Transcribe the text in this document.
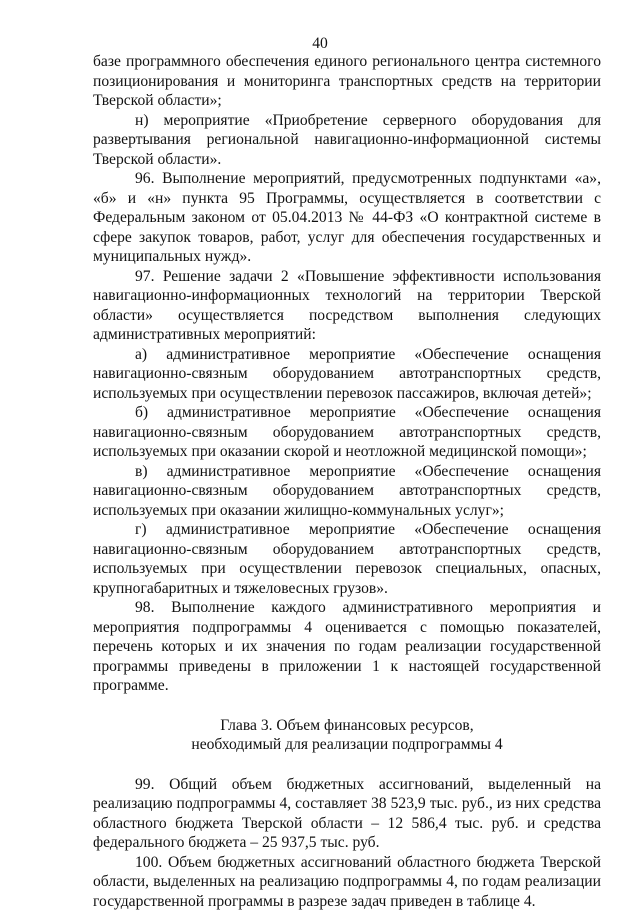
40

базе программного обеспечения единого регионального центра системного позиционирования и мониторинга транспортных средств на территории Тверской области»;

н) мероприятие «Приобретение серверного оборудования для развертывания региональной навигационно-информационной системы Тверской области».

96. Выполнение мероприятий, предусмотренных подпунктами «а», «б» и «н» пункта 95 Программы, осуществляется в соответствии с Федеральным законом от 05.04.2013 № 44-ФЗ «О контрактной системе в сфере закупок товаров, работ, услуг для обеспечения государственных и муниципальных нужд».

97. Решение задачи 2 «Повышение эффективности использования навигационно-информационных технологий на территории Тверской области» осуществляется посредством выполнения следующих административных мероприятий:

а) административное мероприятие «Обеспечение оснащения навигационно-связным оборудованием автотранспортных средств, используемых при осуществлении перевозок пассажиров, включая детей»;

б) административное мероприятие «Обеспечение оснащения навигационно-связным оборудованием автотранспортных средств, используемых при оказании скорой и неотложной медицинской помощи»;

в) административное мероприятие «Обеспечение оснащения навигационно-связным оборудованием автотранспортных средств, используемых при оказании жилищно-коммунальных услуг»;

г) административное мероприятие «Обеспечение оснащения навигационно-связным оборудованием автотранспортных средств, используемых при осуществлении перевозок специальных, опасных, крупногабаритных и тяжеловесных грузов».

98. Выполнение каждого административного мероприятия и мероприятия подпрограммы 4 оценивается с помощью показателей, перечень которых и их значения по годам реализации государственной программы приведены в приложении 1 к настоящей государственной программе.

Глава 3. Объем финансовых ресурсов,
необходимый для реализации подпрограммы 4

99. Общий объем бюджетных ассигнований, выделенный на реализацию подпрограммы 4, составляет 38 523,9 тыс. руб., из них средства областного бюджета Тверской области – 12 586,4 тыс. руб. и средства федерального бюджета – 25 937,5 тыс. руб.

100. Объем бюджетных ассигнований областного бюджета Тверской области, выделенных на реализацию подпрограммы 4, по годам реализации государственной программы в разрезе задач приведен в таблице 4.
